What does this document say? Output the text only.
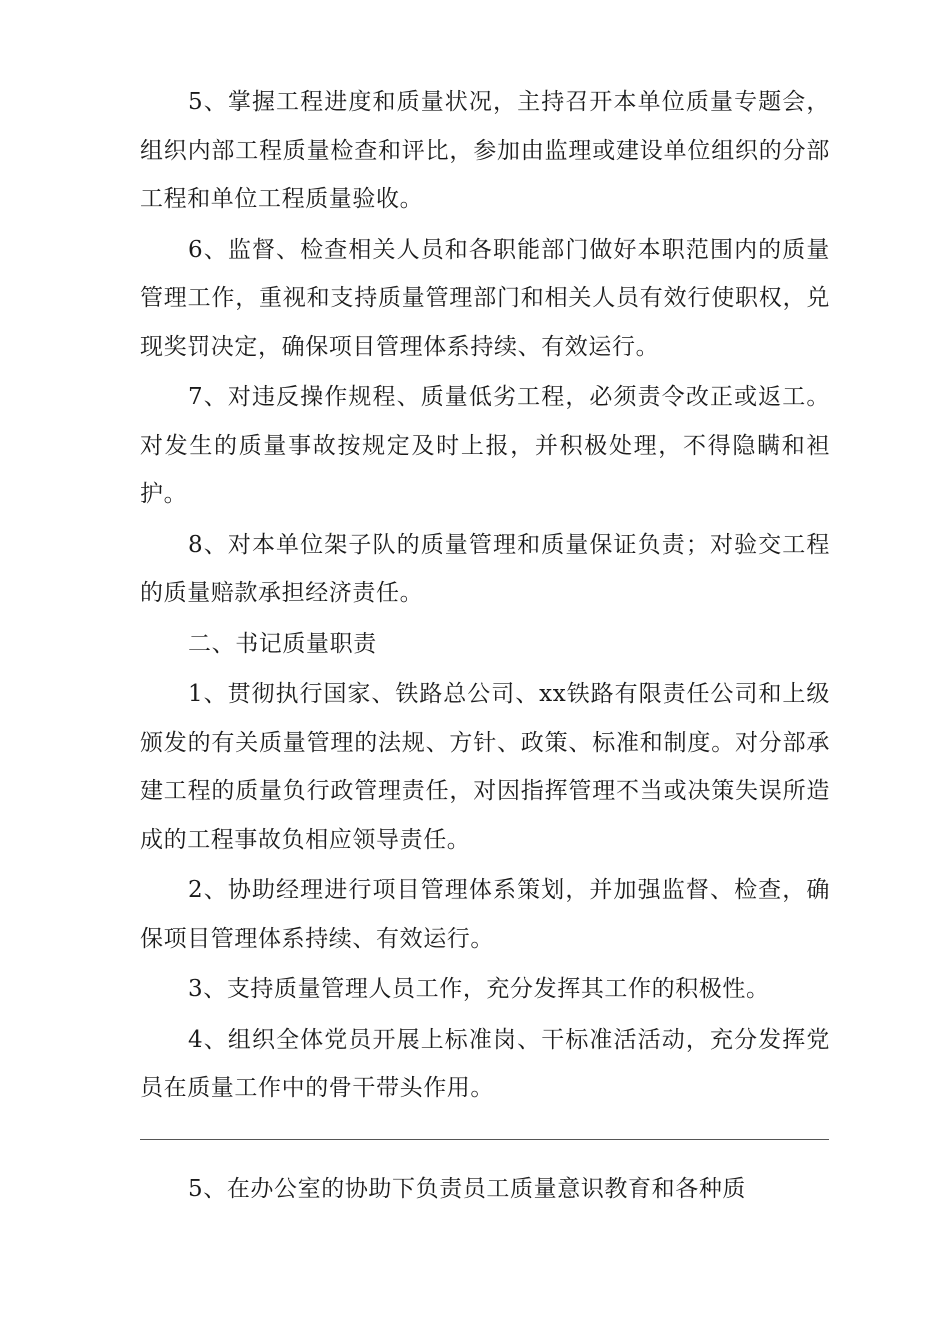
5、掌握工程进度和质量状况，主持召开本单位质量专题会，组织内部工程质量检查和评比，参加由监理或建设单位组织的分部工程和单位工程质量验收。

6、监督、检查相关人员和各职能部门做好本职范围内的质量管理工作，重视和支持质量管理部门和相关人员有效行使职权，兑现奖罚决定，确保项目管理体系持续、有效运行。

7、对违反操作规程、质量低劣工程，必须责令改正或返工。对发生的质量事故按规定及时上报，并积极处理，不得隐瞒和袒护。

8、对本单位架子队的质量管理和质量保证负责；对验交工程的质量赔款承担经济责任。

二、书记质量职责

1、贯彻执行国家、铁路总公司、xx铁路有限责任公司和上级颁发的有关质量管理的法规、方针、政策、标准和制度。对分部承建工程的质量负行政管理责任，对因指挥管理不当或决策失误所造成的工程事故负相应领导责任。

2、协助经理进行项目管理体系策划，并加强监督、检查，确保项目管理体系持续、有效运行。

3、支持质量管理人员工作，充分发挥其工作的积极性。

4、组织全体党员开展上标准岗、干标准活活动，充分发挥党员在质量工作中的骨干带头作用。

5、在办公室的协助下负责员工质量意识教育和各种质
